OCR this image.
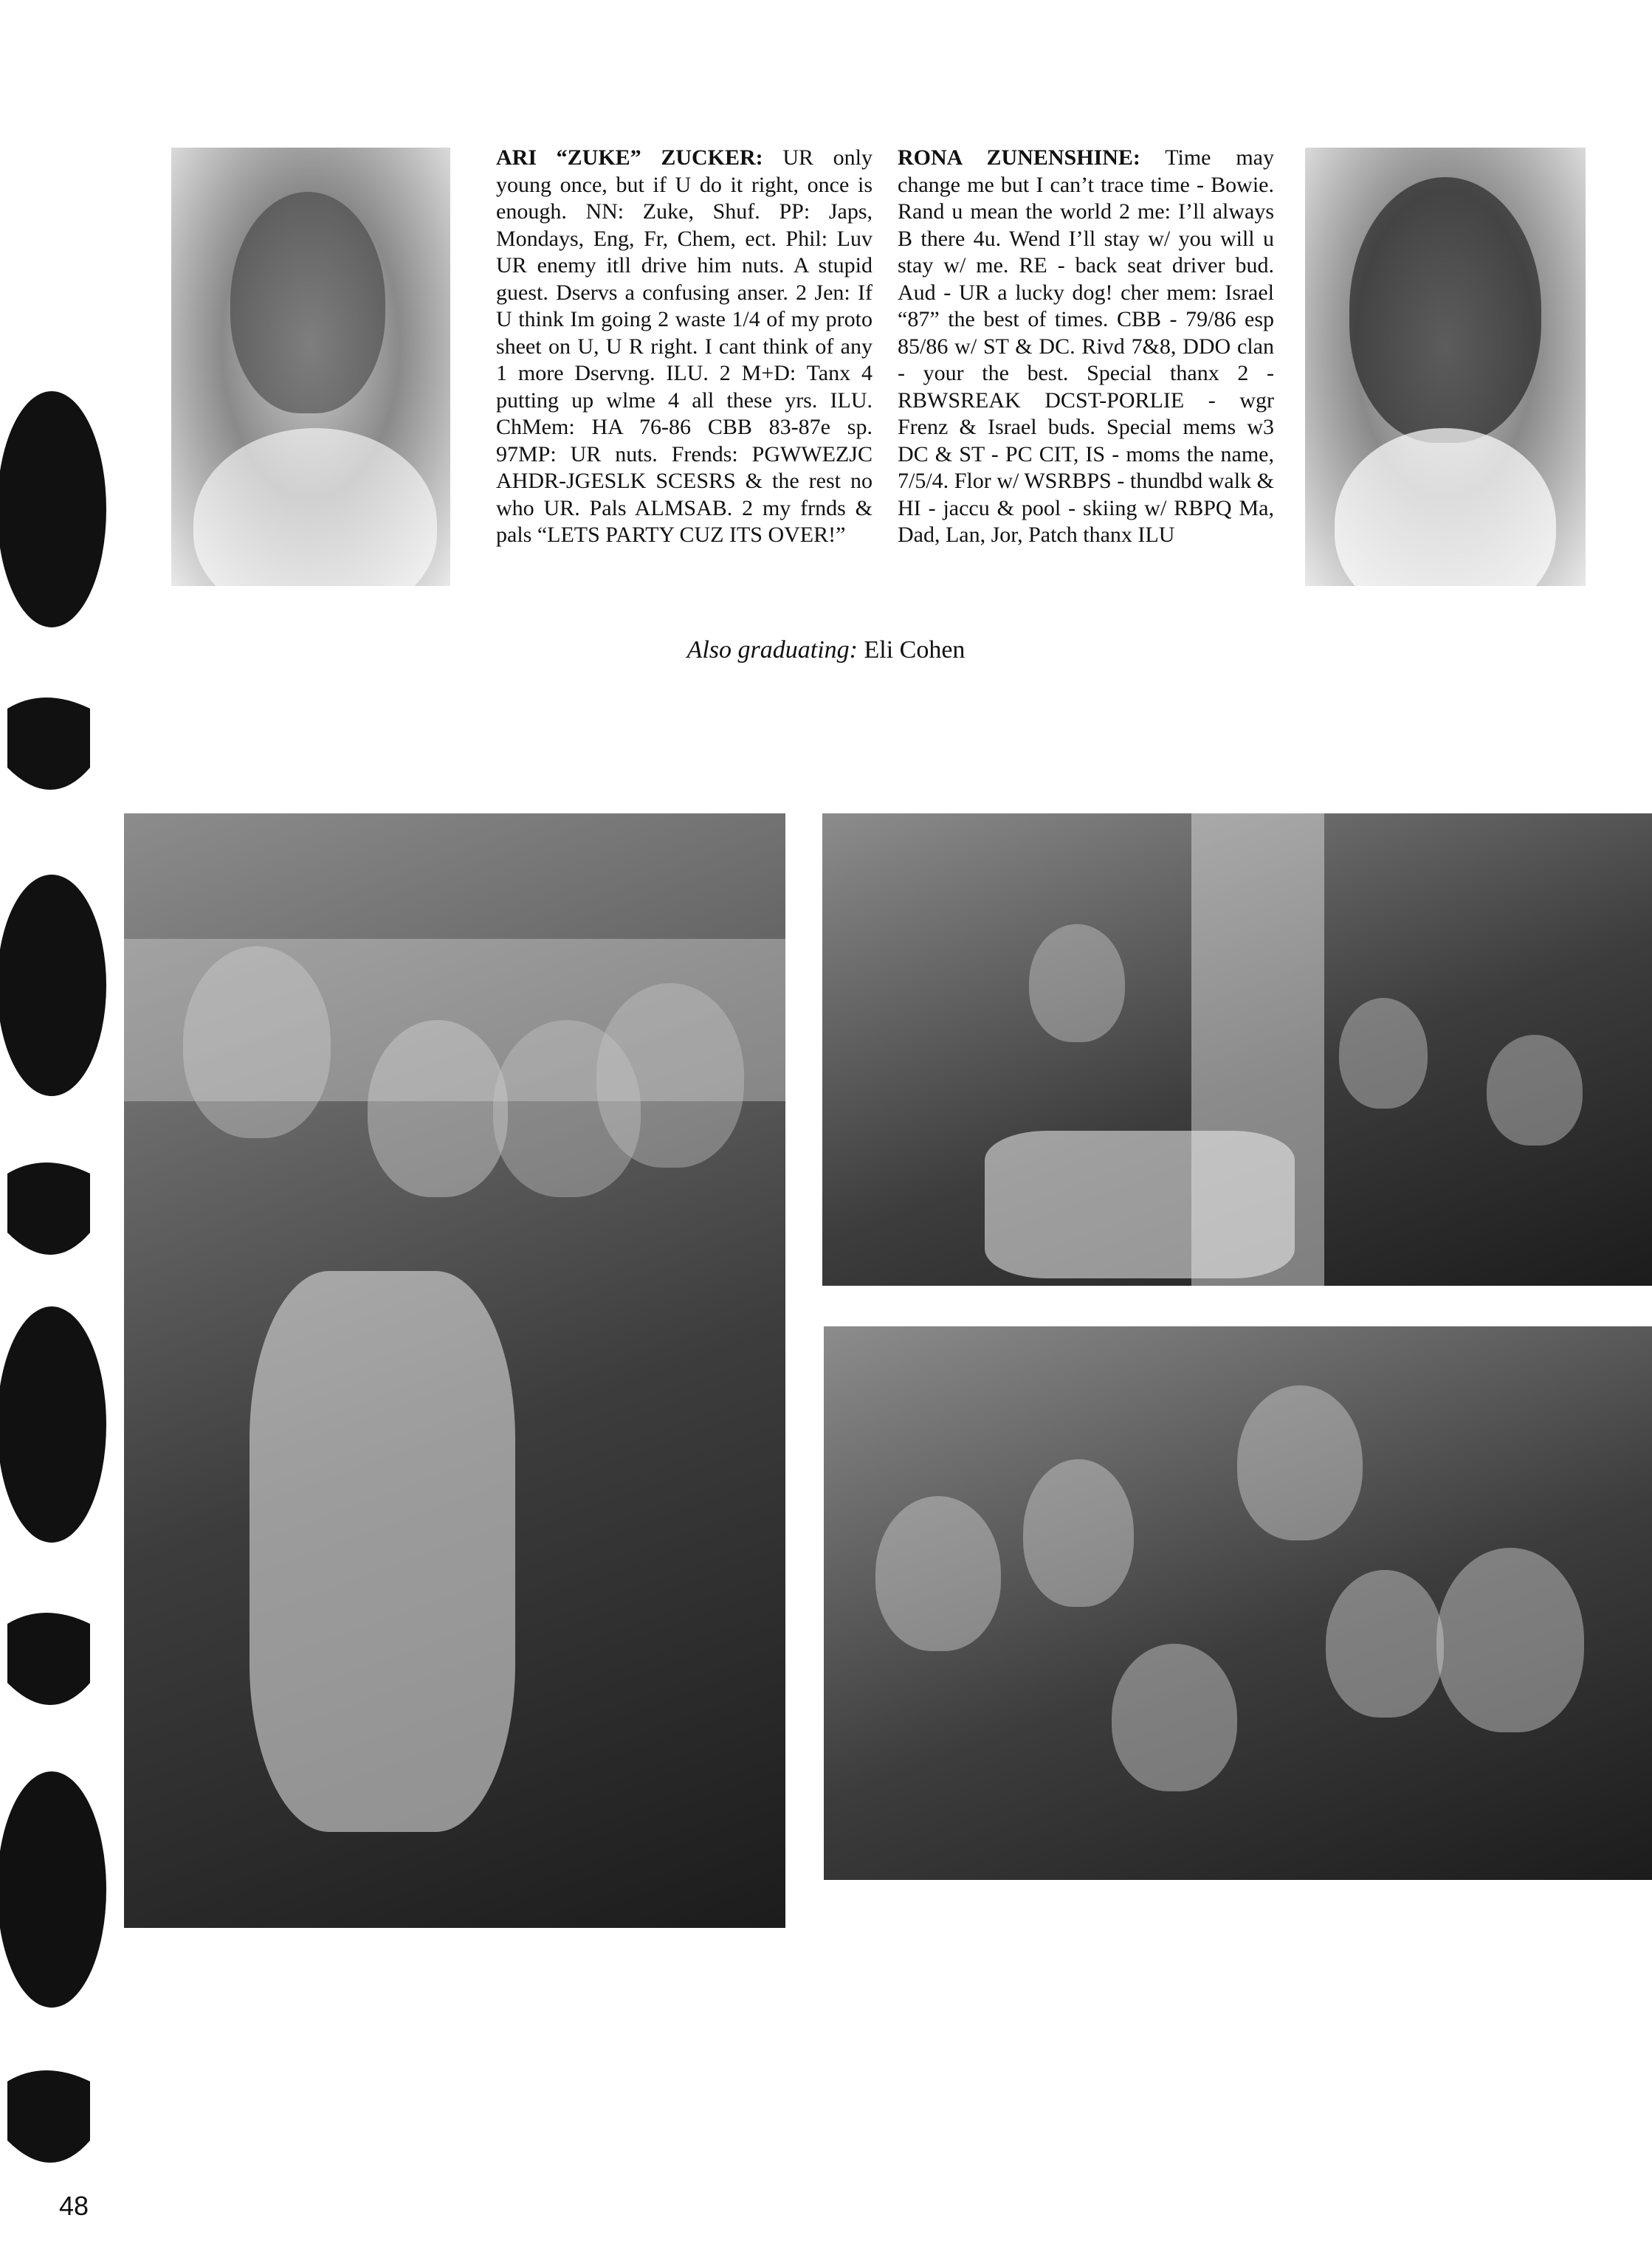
ARI “ZUKE” ZUCKER: UR only young once, but if U do it right, once is enough. NN: Zuke, Shuf. PP: Japs, Mondays, Eng, Fr, Chem, ect. Phil: Luv UR enemy itll drive him nuts. A stupid guest. Dservs a confusing anser. 2 Jen: If U think Im going 2 waste 1/4 of my proto sheet on U, U R right. I cant think of any 1 more Dservng. ILU. 2 M+D: Tanx 4 putting up wlme 4 all these yrs. ILU. ChMem: HA 76-86 CBB 83-87e sp. 97MP: UR nuts. Frends: PGWWEZJC AHDR-JGESLK SCESRS & the rest no who UR. Pals ALMSAB. 2 my frnds & pals “LETS PARTY CUZ ITS OVER!”
RONA ZUNENSHINE: Time may change me but I can’t trace time - Bowie. Rand u mean the world 2 me: I’ll always B there 4u. Wend I’ll stay w/ you will u stay w/ me. RE - back seat driver bud. Aud - UR a lucky dog! cher mem: Israel “87” the best of times. CBB - 79/86 esp 85/86 w/ ST & DC. Rivd 7&8, DDO clan - your the best. Special thanx 2 - RBWSREAK DCST-PORLIE - wgr Frenz & Israel buds. Special mems w3 DC & ST - PC CIT, IS - moms the name, 7/5/4. Flor w/ WSRBPS - thundbd walk & HI - jaccu & pool - skiing w/ RBPQ Ma, Dad, Lan, Jor, Patch thanx ILU
Also graduating: Eli Cohen
48
